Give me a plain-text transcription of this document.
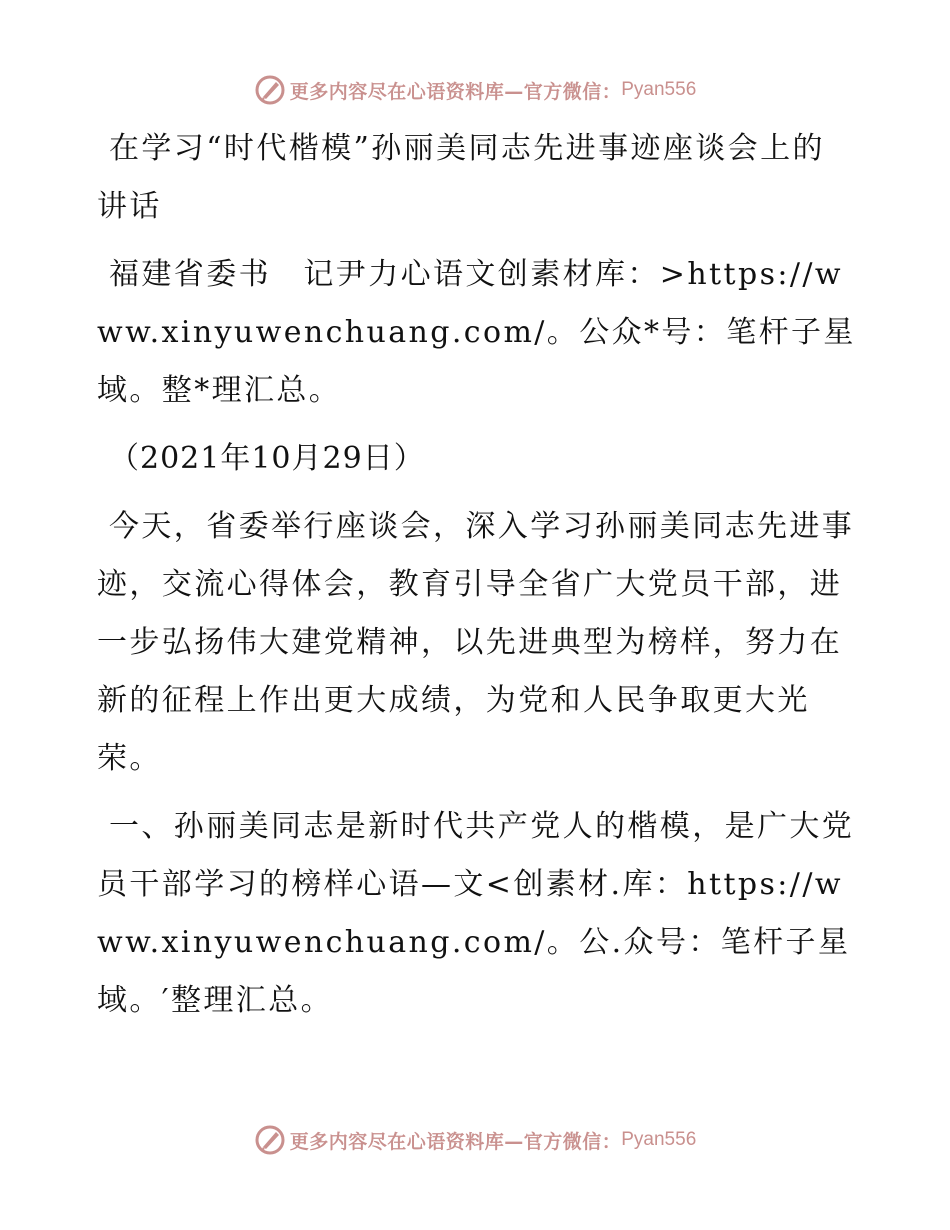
更多内容尽在心语资料库—官方微信： Pyan556

在学习“时代楷模”孙丽美同志先进事迹座谈会上的讲话

福建省委书　记尹力心语文创素材库：>https://www.xinyuwenchuang.com/。公众*号：笔杆子星域。整*理汇总。

（2021年10月29日）

今天，省委举行座谈会，深入学习孙丽美同志先进事迹，交流心得体会，教育引导全省广大党员干部，进一步弘扬伟大建党精神，以先进典型为榜样，努力在新的征程上作出更大成绩，为党和人民争取更大光荣。

一、孙丽美同志是新时代共产党人的楷模，是广大党员干部学习的榜样心语—文<创素材.库：https://www.xinyuwenchuang.com/。公.众号：笔杆子星域。′整理汇总。

更多内容尽在心语资料库—官方微信： Pyan556
